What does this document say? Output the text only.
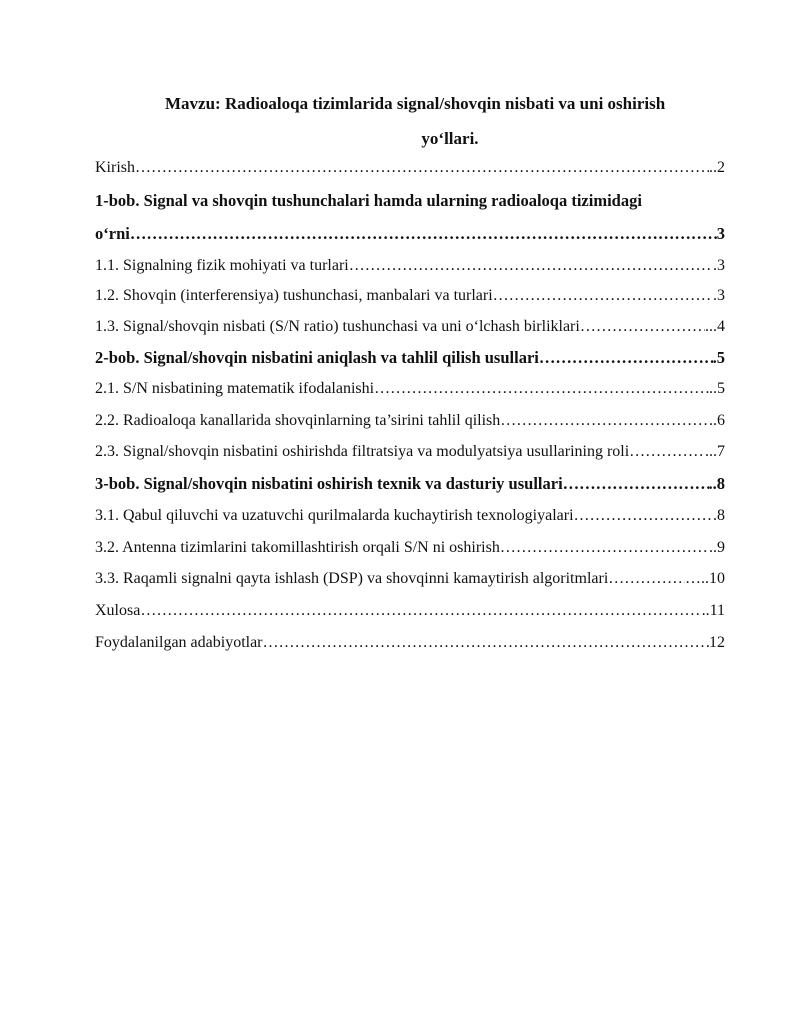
Mavzu: Radioaloqa tizimlarida signal/shovqin nisbati va uni oshirish
yo‘llari.
Kirish ……………………………………………………………………………………………………………………………………………………………………………………	..2
1-bob. Signal va shovqin tushunchalari hamda ularning radioaloqa tizimidagi
o‘rni ……………………………………………………………………………………………………………………………………………………………………………………	3
1.1. Signalning fizik mohiyati va turlari ……………………………………………………………………………………………………………………………………………………………………………………	.3
1.2. Shovqin (interferensiya) tushunchasi, manbalari va turlari ……………………………………………………………………………………………………………………………………………………………………………………	.3
1.3. Signal/shovqin nisbati (S/N ratio) tushunchasi va uni o‘lchash birliklari ……………………………………………………………………………………………………………………………………………………………………………………	...4
2-bob. Signal/shovqin nisbatini aniqlash va tahlil qilish usullari ……………………………………………………………………………………………………………………………………………………………………………………	.5
2.1. S/N nisbatining matematik ifodalanishi ……………………………………………………………………………………………………………………………………………………………………………………	..5
2.2. Radioaloqa kanallarida shovqinlarning ta’sirini tahlil qilish ……………………………………………………………………………………………………………………………………………………………………………………	..6
2.3. Signal/shovqin nisbatini oshirishda filtratsiya va modulyatsiya usullarining roli ……………………………………………………………………………………………………………………………………………………………………………………	...7
3-bob. Signal/shovqin nisbatini oshirish texnik va dasturiy usullari ……………………………………………………………………………………………………………………………………………………………………………………	..8
3.1. Qabul qiluvchi va uzatuvchi qurilmalarda kuchaytirish texnologiyalari ……………………………………………………………………………………………………………………………………………………………………………………	.8
3.2. Antenna tizimlarini takomillashtirish orqali S/N ni oshirish ……………………………………………………………………………………………………………………………………………………………………………………	..9
3.3. Raqamli signalni qayta ishlash (DSP) va shovqinni kamaytirish algoritmlari ……………………………………………………………………………………………………………………………………………………………………………………	…..10
Xulosa ……………………………………………………………………………………………………………………………………………………………………………………	..11
Foydalanilgan adabiyotlar ……………………………………………………………………………………………………………………………………………………………………………………	12
